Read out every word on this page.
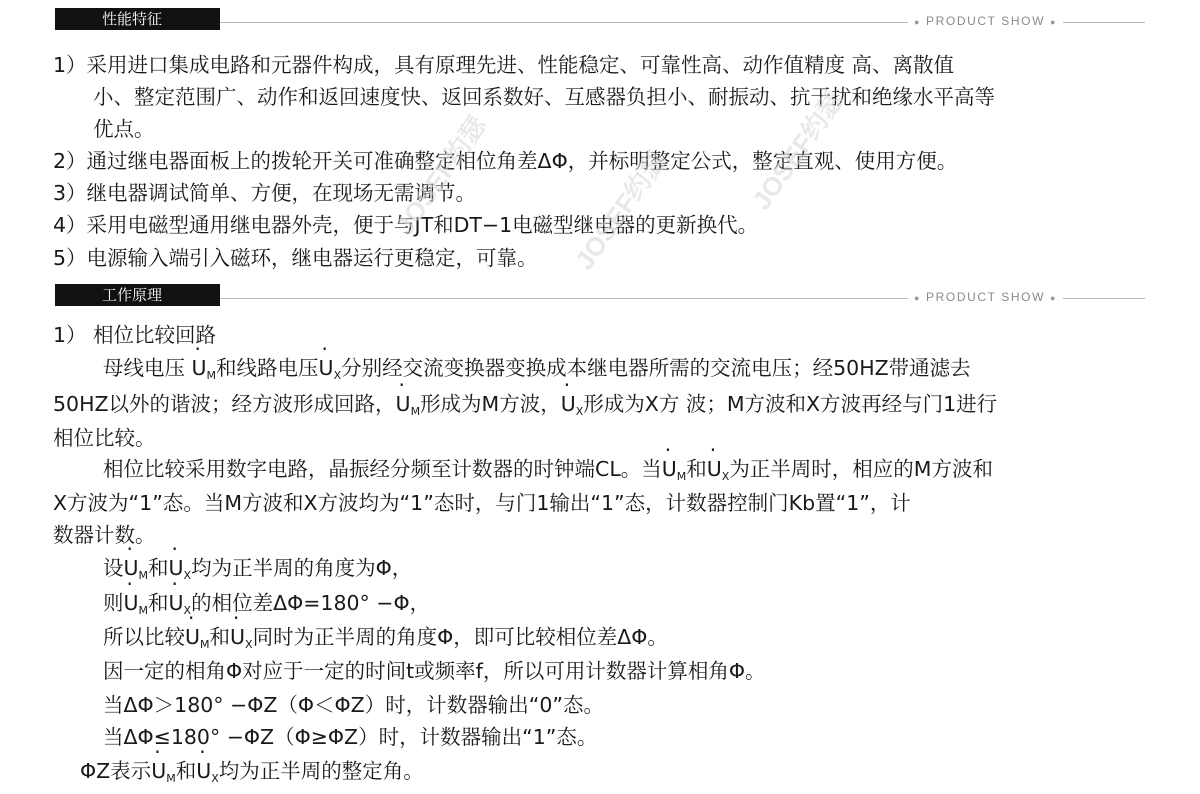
性能特征	● PRODUCT SHOW ●
1）采用进口集成电路和元器件构成，具有原理先进、性能稳定、可靠性高、动作值精度 高、离散值
小、整定范围广、动作和返回速度快、返回系数好、互感器负担小、耐振动、抗干扰和绝缘水平高等
优点。
2）通过继电器面板上的拨轮开关可准确整定相位角差ΔΦ，并标明整定公式，整定直观、使用方便。
3）继电器调试简单、方便，在现场无需调节。
4）采用电磁型通用继电器外壳，便于与JT和DT−1电磁型继电器的更新换代。
5）电源输入端引入磁环，继电器运行更稳定，可靠。
工作原理	● PRODUCT SHOW ●
1） 相位比较回路
母线电压 · $U_M$和线路电压· $U_X$分别经交流变换器变换成本继电器所需的交流电压；经50HZ带通滤去
50HZ以外的谐波；经方波形成回路，· $U_M$形成为M方波，· $U_X$形成为X方 波；M方波和X方波再经与门1进行
相位比较。
相位比较采用数字电路，晶振经分频至计数器的时钟端CL。当· $U_M$和· $U_X$为正半周时，相应的M方波和
X方波为“1”态。当M方波和X方波均为“1”态时，与门1输出“1”态，计数器控制门Kb置“1”，计
数器计数。
设· $U_M$和· $U_X$均为正半周的角度为Φ，
则· $U_M$和· $U_X$的相位差ΔΦ=180° −Φ，
所以比较· $U_M$和· $U_X$同时为正半周的角度Φ，即可比较相位差ΔΦ。
因一定的相角Φ对应于一定的时间t或频率f，所以可用计数器计算相角Φ。
当ΔΦ＞180° −ΦZ（Φ＜ΦZ）时，计数器输出“0”态。
当ΔΦ≤180° −ΦZ（Φ≥ΦZ）时，计数器输出“1”态。
ΦZ表示· $U_M$和· $U_X$均为正半周的整定角。
JOSEF约瑟	JOSEF约瑟	JOSEF约瑟
